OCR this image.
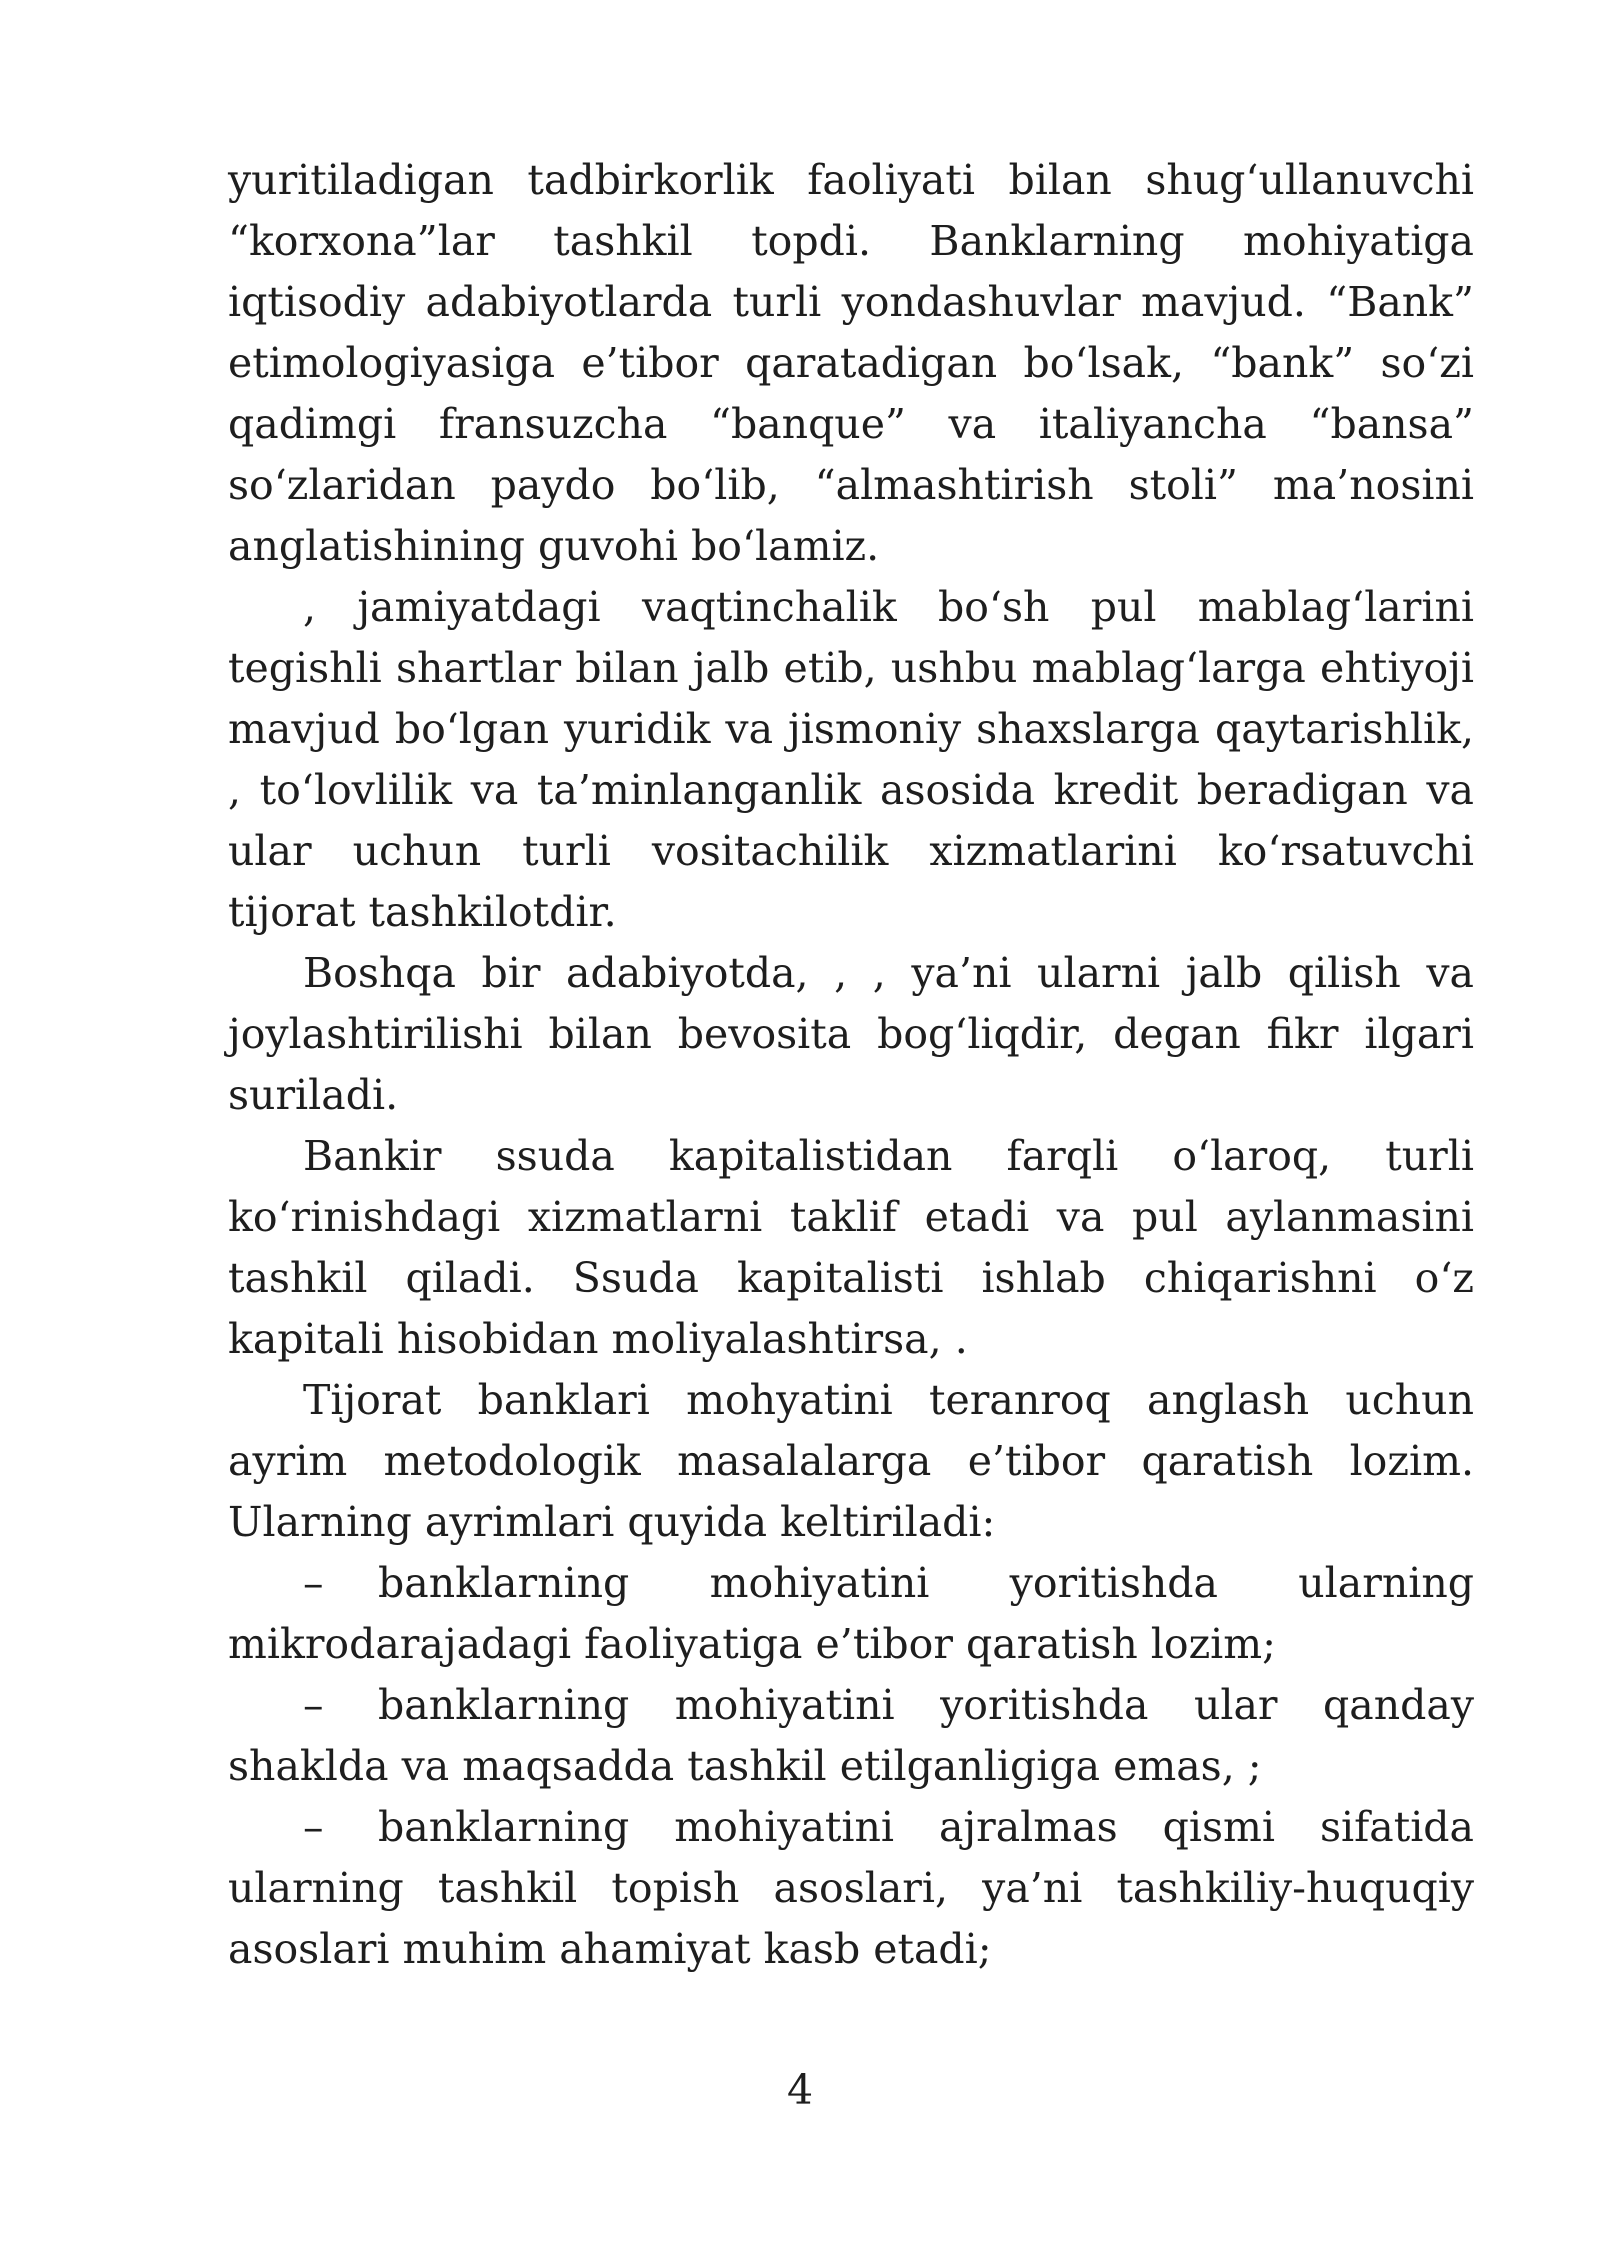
yuritiladigan tadbirkorlik faoliyati bilan shug‘ullanuvchi “korxona”lar tashkil topdi. Banklarning mohiyatiga iqtisodiy adabiyotlarda turli yondashuvlar mavjud. “Bank” etimologiyasiga e’tibor qaratadigan bo‘lsak, “bank” so‘zi qadimgi fransuzcha “banque” va italiyancha “bansa” so‘zlaridan paydo bo‘lib, “almashtirish stoli” ma’nosini anglatishining guvohi bo‘lamiz.

, jamiyatdagi vaqtinchalik bo‘sh pul mablag‘larini tegishli shartlar bilan jalb etib, ushbu mablag‘larga ehtiyoji mavjud bo‘lgan yuridik va jismoniy shaxslarga qaytarishlik, , to‘lovlilik va ta’minlanganlik asosida kredit beradigan va ular uchun turli vositachilik xizmatlarini ko‘rsatuvchi tijorat tashkilotdir.

Boshqa bir adabiyotda, , , ya’ni ularni jalb qilish va joylashtirilishi bilan bevosita bog‘liqdir, degan fikr ilgari suriladi.

Bankir ssuda kapitalistidan farqli o‘laroq, turli ko‘rinishdagi xizmatlarni taklif etadi va pul aylanmasini tashkil qiladi. Ssuda kapitalisti ishlab chiqarishni o‘z kapitali hisobidan moliyalashtirsa, .

Tijorat banklari mohyatini teranroq anglash uchun ayrim metodologik masalalarga e’tibor qaratish lozim. Ularning ayrimlari quyida keltiriladi:

– banklarning mohiyatini yoritishda ularning mikrodarajadagi faoliyatiga e’tibor qaratish lozim;

– banklarning mohiyatini yoritishda ular qanday shaklda va maqsadda tashkil etilganligiga emas, ;

– banklarning mohiyatini ajralmas qismi sifatida ularning tashkil topish asoslari, ya’ni tashkiliy-huquqiy asoslari muhim ahamiyat kasb etadi;

4
